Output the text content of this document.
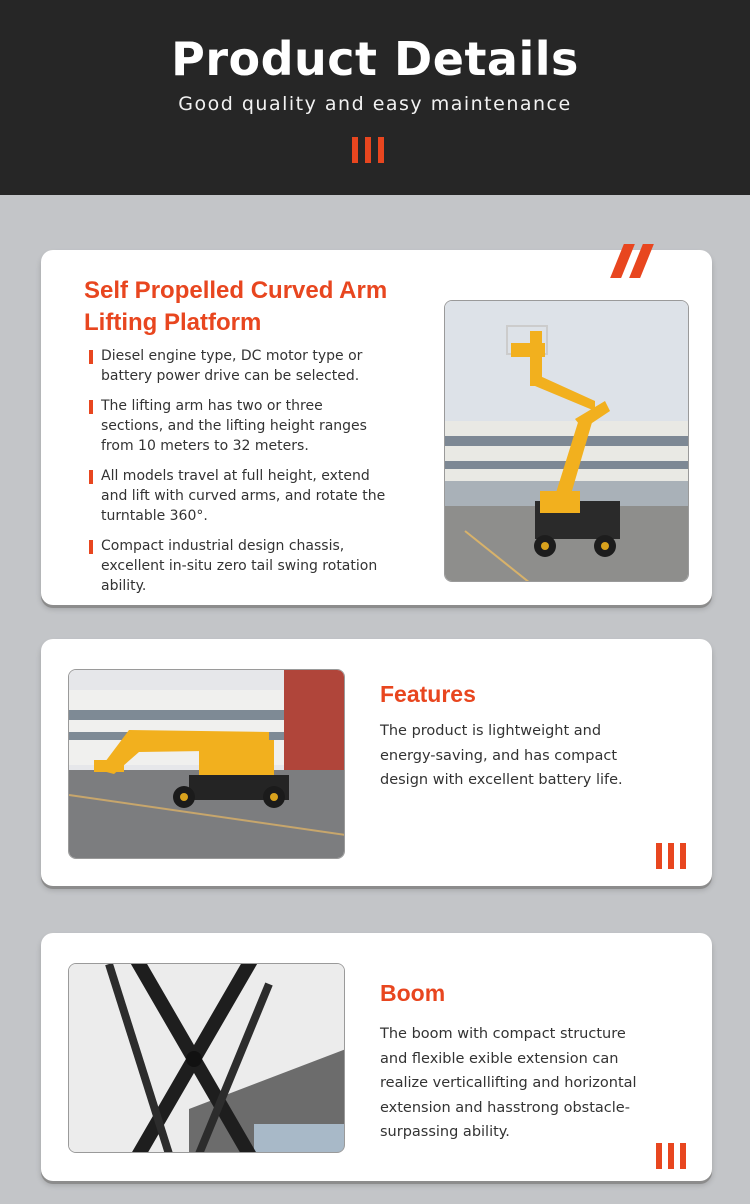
Product Details
Good quality and easy maintenance
Self Propelled Curved Arm Lifting Platform
Diesel engine type, DC motor type or battery power drive can be selected.
The lifting arm has two or three sections, and the lifting height ranges from 10 meters to 32 meters.
All models travel at full height, extend and lift with curved arms, and rotate the turntable 360°.
Compact industrial design chassis, excellent in-situ zero tail swing rotation ability.
Features
The product is lightweight and energy-saving, and has compact design with excellent battery life.
Boom
The boom with compact structure and flexible exible extension can realize verticallifting and horizontal extension and hasstrong obstacle-surpassing ability.
